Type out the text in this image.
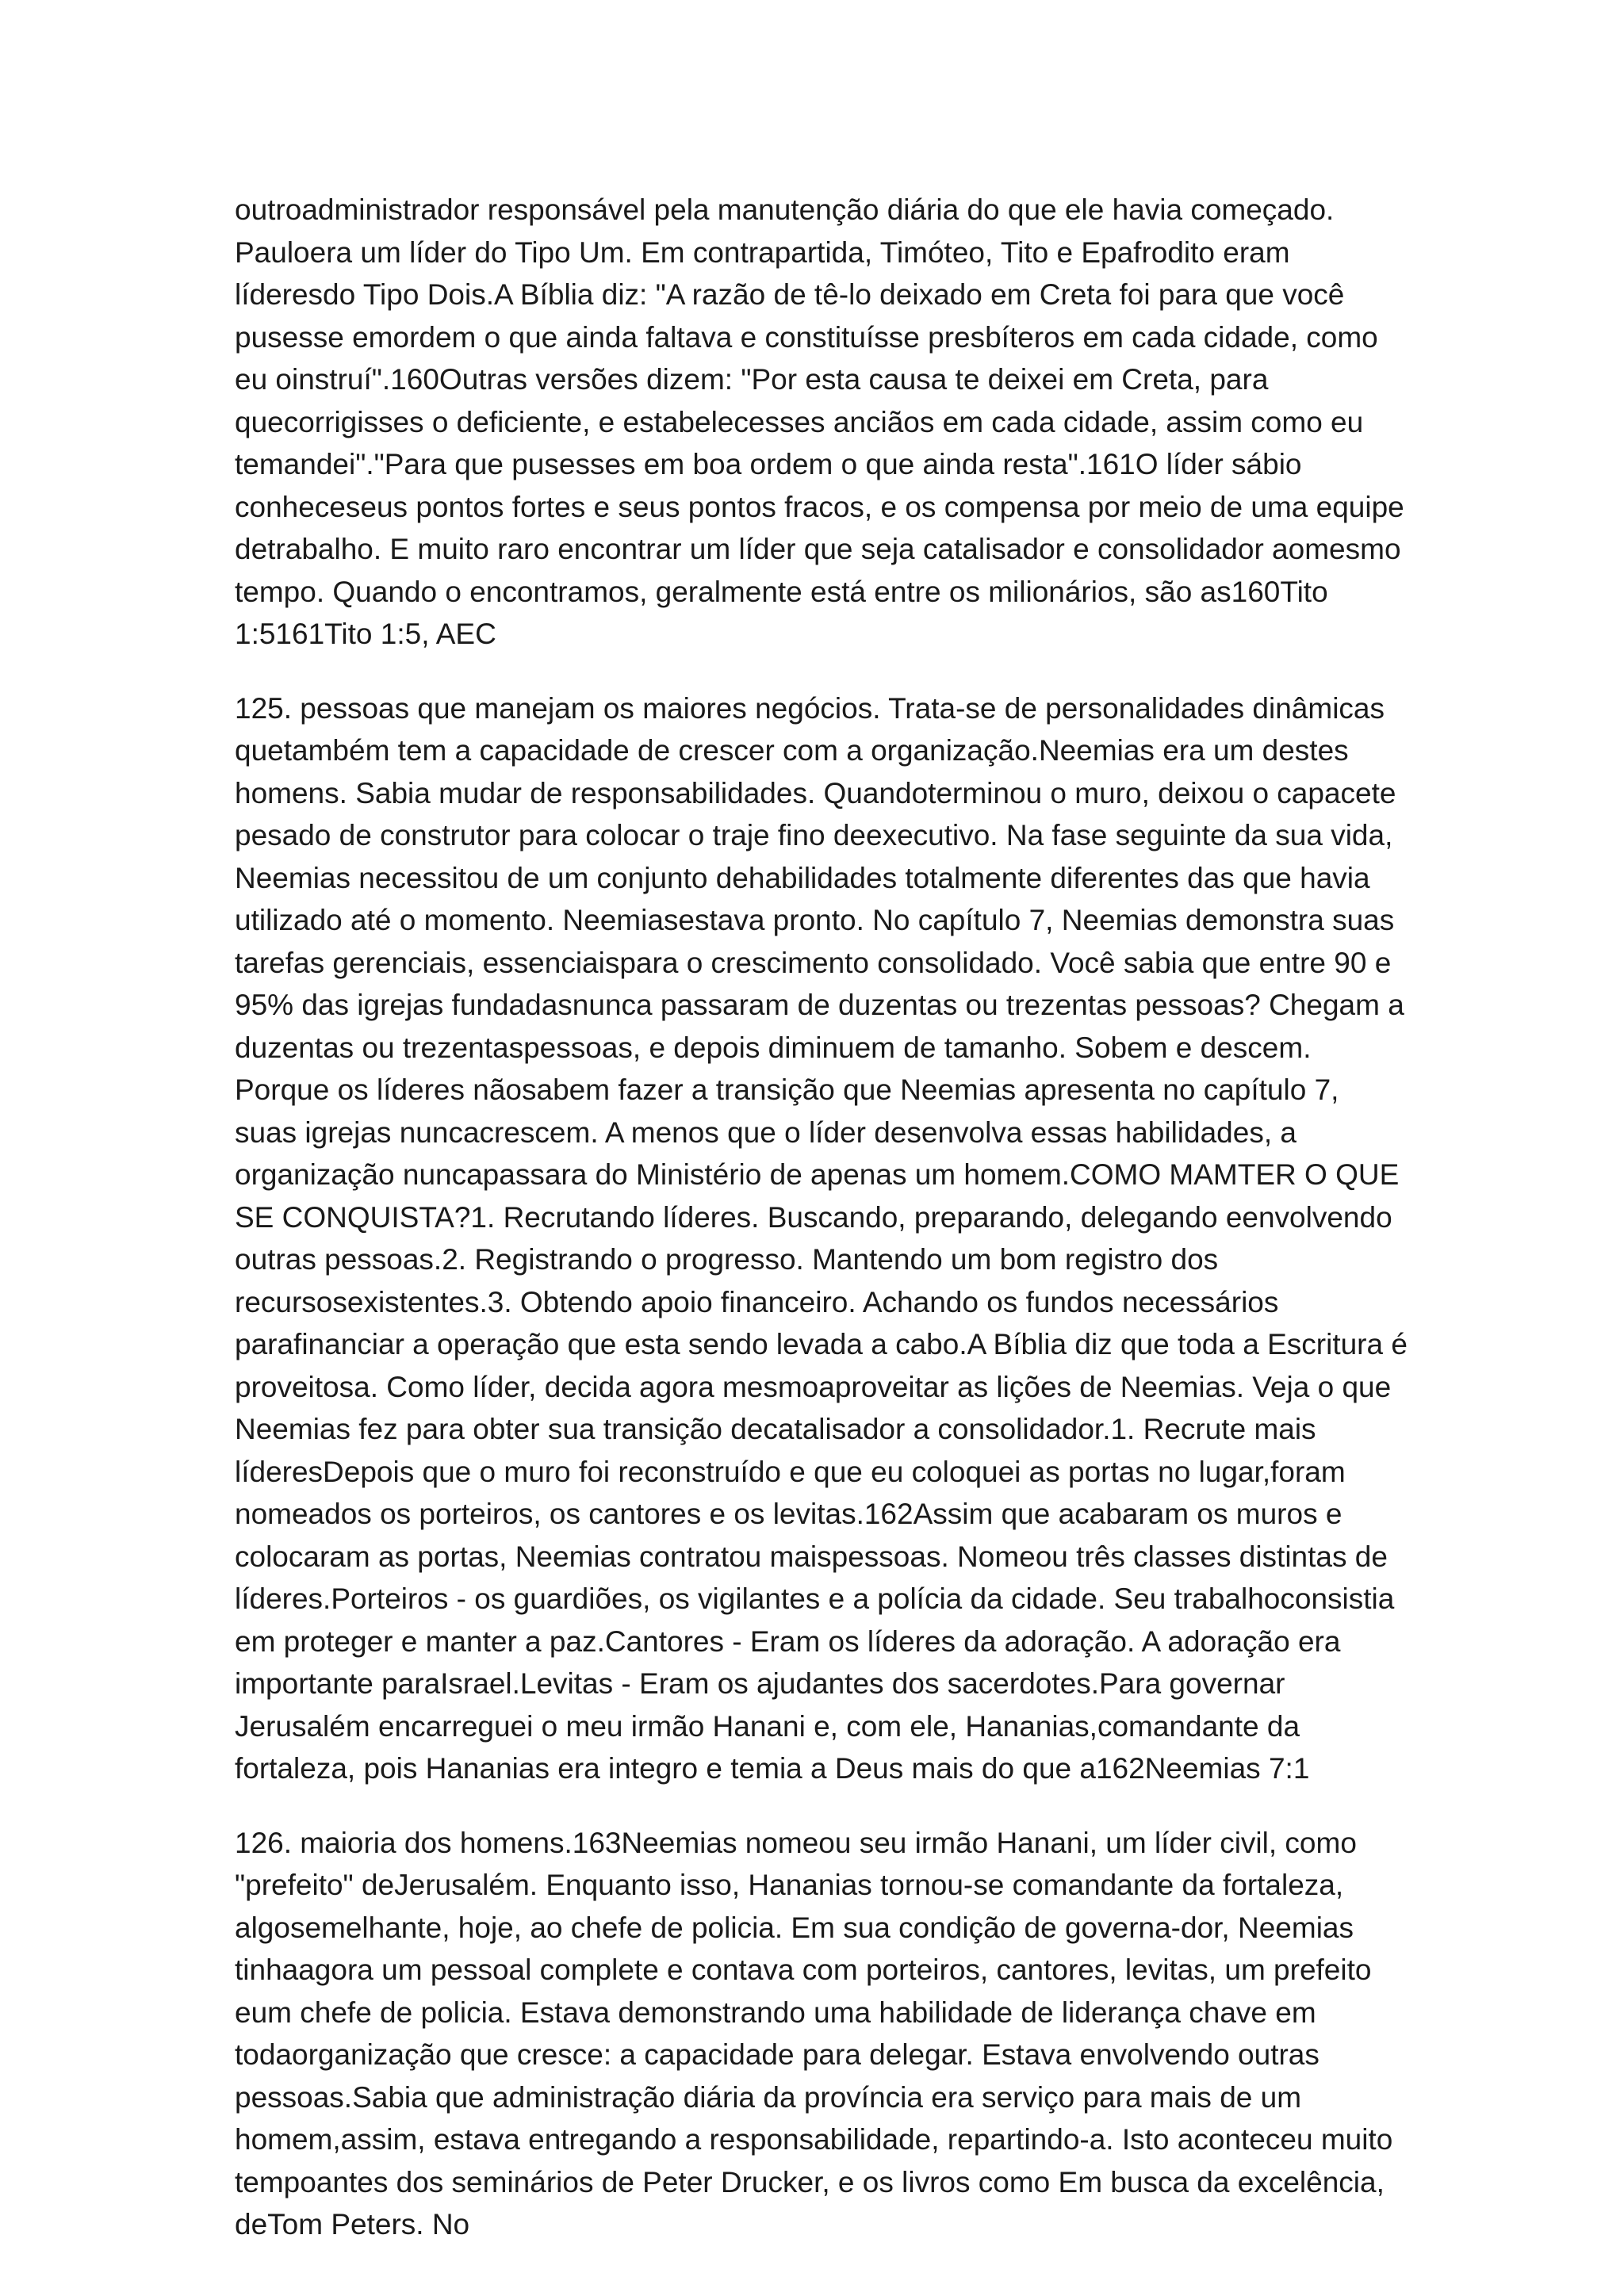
outroadministrador responsável pela manutenção diária do que ele havia começado. Pauloera um líder do Tipo Um. Em contrapartida, Timóteo, Tito e Epafrodito eram líderesdo Tipo Dois.A Bíblia diz: "A razão de tê-lo deixado em Creta foi para que você pusesse emordem o que ainda faltava e constituísse presbíteros em cada cidade, como eu oinstruí".160Outras versões dizem: "Por esta causa te deixei em Creta, para quecorrigisses o deficiente, e estabelecesses anciãos em cada cidade, assim como eu temandei"."Para que pusesses em boa ordem o que ainda resta".161O líder sábio conheceseus pontos fortes e seus pontos fracos, e os compensa por meio de uma equipe detrabalho. E muito raro encontrar um líder que seja catalisador e consolidador aomesmo tempo. Quando o encontramos, geralmente está entre os milionários, são as160Tito 1:5161Tito 1:5, AEC

125. pessoas que manejam os maiores negócios. Trata-se de personalidades dinâmicas quetambém tem a capacidade de crescer com a organização.Neemias era um destes homens. Sabia mudar de responsabilidades. Quandoterminou o muro, deixou o capacete pesado de construtor para colocar o traje fino deexecutivo. Na fase seguinte da sua vida, Neemias necessitou de um conjunto dehabilidades totalmente diferentes das que havia utilizado até o momento. Neemiasestava pronto. No capítulo 7, Neemias demonstra suas tarefas gerenciais, essenciaispara o crescimento consolidado. Você sabia que entre 90 e 95% das igrejas fundadasnunca passaram de duzentas ou trezentas pessoas? Chegam a duzentas ou trezentaspessoas, e depois diminuem de tamanho. Sobem e descem. Porque os líderes nãosabem fazer a transição que Neemias apresenta no capítulo 7, suas igrejas nuncacrescem. A menos que o líder desenvolva essas habilidades, a organização nuncapassara do Ministério de apenas um homem.COMO MAMTER O QUE SE CONQUISTA?1. Recrutando líderes. Buscando, preparando, delegando eenvolvendo outras pessoas.2. Registrando o progresso. Mantendo um bom registro dos recursosexistentes.3. Obtendo apoio financeiro. Achando os fundos necessários parafinanciar a operação que esta sendo levada a cabo.A Bíblia diz que toda a Escritura é proveitosa. Como líder, decida agora mesmoaproveitar as lições de Neemias. Veja o que Neemias fez para obter sua transição decatalisador a consolidador.1. Recrute mais líderesDepois que o muro foi reconstruído e que eu coloquei as portas no lugar,foram nomeados os porteiros, os cantores e os levitas.162Assim que acabaram os muros e colocaram as portas, Neemias contratou maispessoas. Nomeou três classes distintas de líderes.Porteiros - os guardiões, os vigilantes e a polícia da cidade. Seu trabalhoconsistia em proteger e manter a paz.Cantores - Eram os líderes da adoração. A adoração era importante paraIsrael.Levitas - Eram os ajudantes dos sacerdotes.Para governar Jerusalém encarreguei o meu irmão Hanani e, com ele, Hananias,comandante da fortaleza, pois Hananias era integro e temia a Deus mais do que a162Neemias 7:1

126. maioria dos homens.163Neemias nomeou seu irmão Hanani, um líder civil, como "prefeito" deJerusalém. Enquanto isso, Hananias tornou-se comandante da fortaleza, algosemelhante, hoje, ao chefe de policia. Em sua condição de governa-dor, Neemias tinhaagora um pessoal complete e contava com porteiros, cantores, levitas, um prefeito eum chefe de policia. Estava demonstrando uma habilidade de liderança chave em todaorganização que cresce: a capacidade para delegar. Estava envolvendo outras pessoas.Sabia que administração diária da província era serviço para mais de um homem,assim, estava entregando a responsabilidade, repartindo-a. Isto aconteceu muito tempoantes dos seminários de Peter Drucker, e os livros como Em busca da excelência, deTom Peters. No
